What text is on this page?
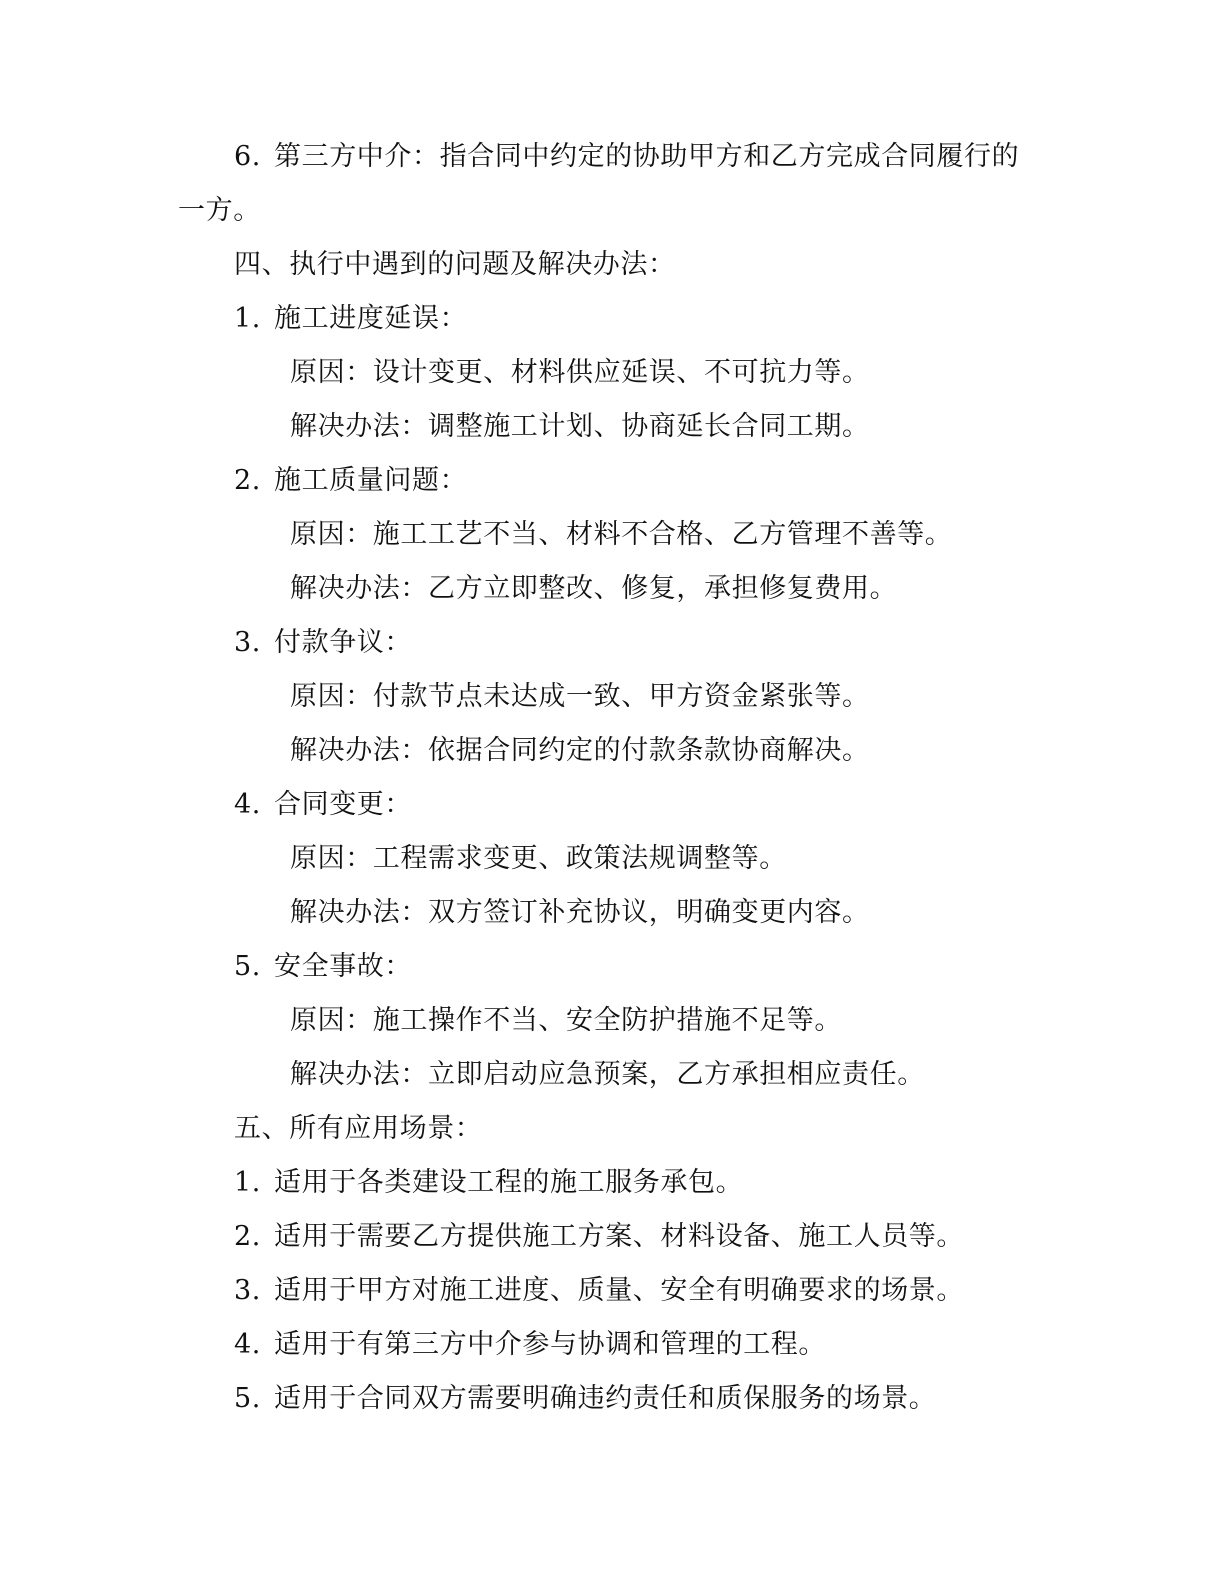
6. 第三方中介：指合同中约定的协助甲方和乙方完成合同履行的
一方。
四、执行中遇到的问题及解决办法：
1. 施工进度延误：
原因：设计变更、材料供应延误、不可抗力等。
解决办法：调整施工计划、协商延长合同工期。
2. 施工质量问题：
原因：施工工艺不当、材料不合格、乙方管理不善等。
解决办法：乙方立即整改、修复，承担修复费用。
3. 付款争议：
原因：付款节点未达成一致、甲方资金紧张等。
解决办法：依据合同约定的付款条款协商解决。
4. 合同变更：
原因：工程需求变更、政策法规调整等。
解决办法：双方签订补充协议，明确变更内容。
5. 安全事故：
原因：施工操作不当、安全防护措施不足等。
解决办法：立即启动应急预案，乙方承担相应责任。
五、所有应用场景：
1. 适用于各类建设工程的施工服务承包。
2. 适用于需要乙方提供施工方案、材料设备、施工人员等。
3. 适用于甲方对施工进度、质量、安全有明确要求的场景。
4. 适用于有第三方中介参与协调和管理的工程。
5. 适用于合同双方需要明确违约责任和质保服务的场景。
